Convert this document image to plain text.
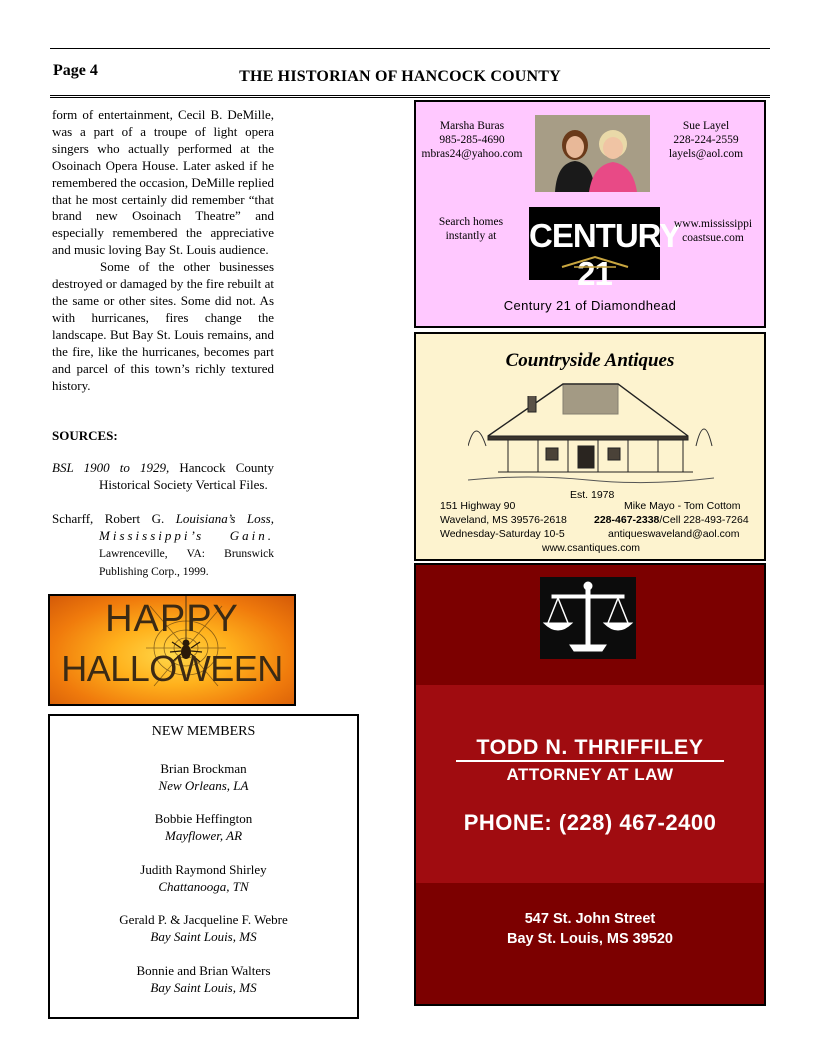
Page 4	THE HISTORIAN OF HANCOCK COUNTY

form of entertainment, Cecil B. DeMille, was a part of a troupe of light opera singers who actually performed at the Osoinach Opera House. Later asked if he remembered the occasion, DeMille replied that he most certainly did remember “that brand new Osoinach Theatre” and especially remembered the appreciative and music loving Bay St. Louis audience.

Some of the other businesses destroyed or damaged by the fire rebuilt at the same or other sites. Some did not. As with hurricanes, fires change the landscape. But Bay St. Louis remains, and the fire, like the hurricanes, becomes part and parcel of this town’s richly textured history.

SOURCES:
BSL 1900 to 1929, Hancock County Historical Society Vertical Files.
Scharff, Robert G. Louisiana’s Loss, Mississippi’s Gain. Lawrenceville, VA: Brunswick Publishing Corp., 1999.
HAPPY
HALLOWEEN
NEW MEMBERS
Brian Brockman
New Orleans, LA
Bobbie Heffington
Mayflower, AR
Judith Raymond Shirley
Chattanooga, TN
Gerald P. & Jacqueline F. Webre
Bay Saint Louis, MS
Bonnie and Brian Walters
Bay Saint Louis, MS
Marsha Buras
985-285-4690
mbras24@yahoo.com
Sue Layel
228-224-2559
layels@aol.com
Search homes
instantly at CENTURY 21
www.mississippi
coastsue.com
Century 21 of Diamondhead
Countryside Antiques
Est. 1978
151 Highway 90
Waveland, MS 39576-2618
Wednesday-Saturday 10-5
www.csantiques.com
Mike Mayo - Tom Cottom
228-467-2338/Cell 228-493-7264
antiqueswaveland@aol.com
TODD N. THRIFFILEY
ATTORNEY AT LAW
PHONE: (228) 467-2400
547 St. John Street
Bay St. Louis, MS 39520
